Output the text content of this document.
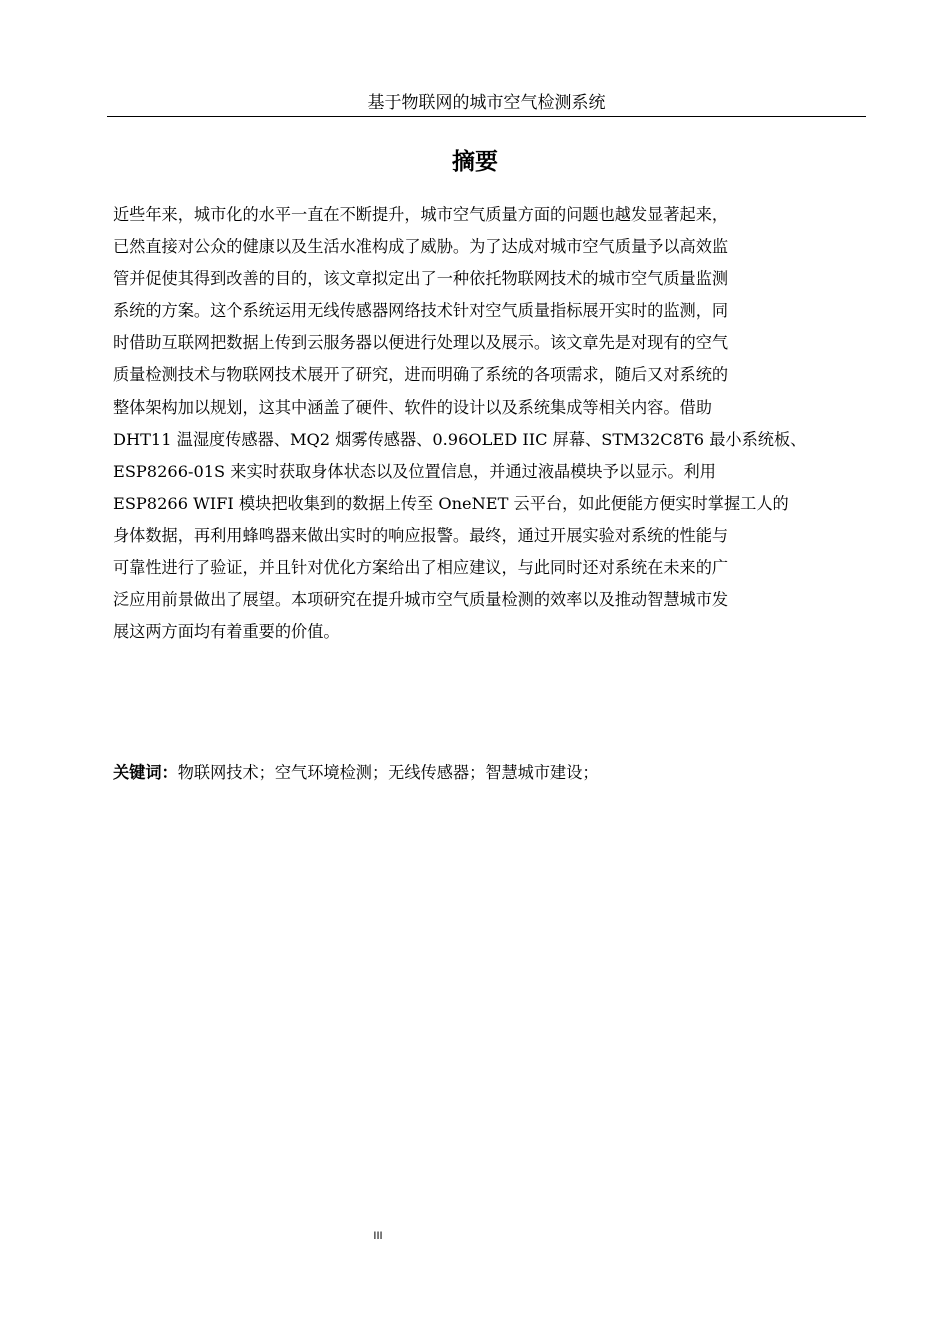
基于物联网的城市空气检测系统
摘要
近些年来，城市化的水平一直在不断提升，城市空气质量方面的问题也越发显著起来，
已然直接对公众的健康以及生活水准构成了威胁。为了达成对城市空气质量予以高效监
管并促使其得到改善的目的，该文章拟定出了一种依托物联网技术的城市空气质量监测
系统的方案。这个系统运用无线传感器网络技术针对空气质量指标展开实时的监测，同
时借助互联网把数据上传到云服务器以便进行处理以及展示。该文章先是对现有的空气
质量检测技术与物联网技术展开了研究，进而明确了系统的各项需求，随后又对系统的
整体架构加以规划，这其中涵盖了硬件、软件的设计以及系统集成等相关内容。借助
DHT11 温湿度传感器、MQ2 烟雾传感器、0.96OLED IIC 屏幕、STM32C8T6 最小系统板、
ESP8266-01S 来实时获取身体状态以及位置信息，并通过液晶模块予以显示。利用
ESP8266 WIFI 模块把收集到的数据上传至 OneNET 云平台，如此便能方便实时掌握工人的
身体数据，再利用蜂鸣器来做出实时的响应报警。最终，通过开展实验对系统的性能与
可靠性进行了验证，并且针对优化方案给出了相应建议，与此同时还对系统在未来的广
泛应用前景做出了展望。本项研究在提升城市空气质量检测的效率以及推动智慧城市发
展这两方面均有着重要的价值。
关键词：物联网技术；空气环境检测；无线传感器；智慧城市建设；
III
